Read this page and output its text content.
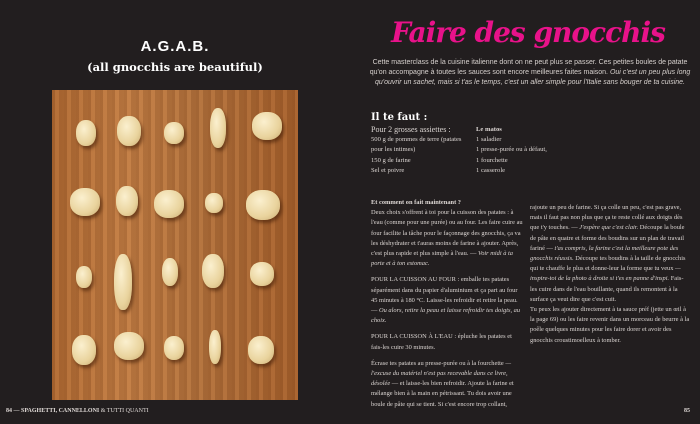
A.G.A.B.
(all gnocchis are beautiful)
84 — SPAGHETTI, CANNELLONI & TUTTI QUANTI
Faire des gnocchis
Cette masterclass de la cuisine italienne dont on ne peut plus se passer. Ces petites boules de patate qu'on accompagne à toutes les sauces sont encore meilleures faites maison. Oui c'est un peu plus long qu'ouvrir un sachet, mais si t'as le temps, c'est un aller simple pour l'Italie sans bouger de ta cuisine.
Il te faut :
Pour 2 grosses assiettes :
500 g de pommes de terre (patates pour les intimes)
150 g de farine
Sel et poivre
Le matos
1 saladier
1 presse-purée ou à défaut,
1 fourchette
1 casserole
Et comment on fait maintenant ?

Deux choix s'offrent à toi pour la cuisson des patates : à l'eau (comme pour une purée) ou au four. Les faire cuire au four facilite la tâche pour le façonnage des gnocchis, ça va les déshydrater et t'auras moins de farine à ajouter. Après, c'est plus rapide et plus simple à l'eau. — Voir midi à ta porte et à ton estomac.

POUR LA CUISSON AU FOUR : emballe tes patates séparément dans du papier d'aluminium et ça part au four 45 minutes à 180 °C. Laisse-les refroidir et retire la peau. — Ou alors, retire la peau et laisse refroidir tes doigts, au choix.

POUR LA CUISSON À L'EAU : épluche les patates et fais-les cuire 30 minutes.

Écrase tes patates au presse-purée ou à la fourchette — l'excuse du matériel n'est pas recevable dans ce livre, désolée — et laisse-les bien refroidir. Ajoute la farine et mélange bien à la main en pétrissant. Tu dois avoir une boule de pâte qui se tient. Si c'est encore trop collant,

rajoute un peu de farine. Si ça colle un peu, c'est pas grave, mais il faut pas non plus que ça te reste collé aux doigts dès que t'y touches. — J'espère que c'est clair. Découpe la boule de pâte en quatre et forme des boudins sur un plan de travail fariné — t'as compris, la farine c'est la meilleure pote des gnocchis réussis. Découpe tes boudins à la taille de gnocchis qui te chauffe le plus et donne-leur la forme que tu veux — inspire-toi de la photo à droite si t'es en panne d'inspi. Fais-les cuire dans de l'eau bouillante, quand ils remontent à la surface ça veut dire que c'est cuit.

Tu peux les ajouter directement à ta sauce préf (jette un œil à la page 69) ou les faire revenir dans un morceau de beurre à la poêle quelques minutes pour les faire dorer et avoir des gnocchis croustimoelleux à tomber.

85
